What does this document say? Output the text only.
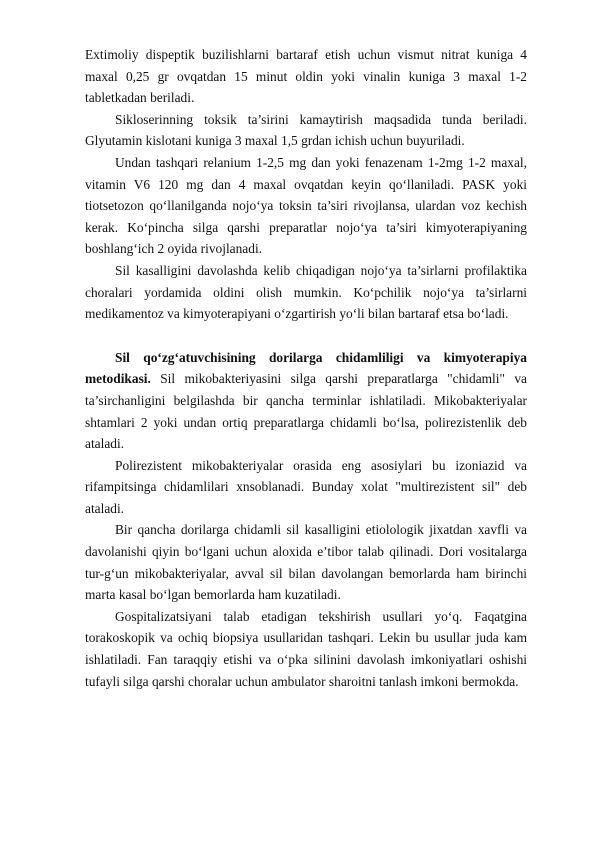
Extimoliy dispeptik buzilishlarni bartaraf etish uchun vismut nitrat kuniga 4 maxal 0,25 gr ovqatdan 15 minut oldin yoki vinalin kuniga 3 maxal 1-2 tabletkadan beriladi.

Sikloserinning toksik ta’sirini kamaytirish maqsadida tunda beriladi. Glyutamin kislotani kuniga 3 maxal 1,5 grdan ichish uchun buyuriladi.

Undan tashqari relanium 1-2,5 mg dan yoki fenazenam 1-2mg 1-2 maxal, vitamin V6 120 mg dan 4 maxal ovqatdan keyin qo‘llaniladi. PASK yoki tiotsetozon qo‘llanilganda nojo‘ya toksin ta’siri rivojlansa, ulardan voz kechish kerak. Ko‘pincha silga qarshi preparatlar nojo‘ya ta’siri kimyoterapiyaning boshlang‘ich 2 oyida rivojlanadi.

Sil kasalligini davolashda kelib chiqadigan nojo‘ya ta’sirlarni profilaktika choralari yordamida oldini olish mumkin. Ko‘pchilik nojo‘ya ta’sirlarni medikamentoz va kimyoterapiyani o‘zgartirish yo‘li bilan bartaraf etsa bo‘ladi.

Sil qo‘zg‘atuvchisining dorilarga chidamliligi va kimyoterapiya metodikasi. Sil mikobakteriyasini silga qarshi preparatlarga "chidamli" va ta’sirchanligini belgilashda bir qancha terminlar ishlatiladi. Mikobakteriyalar shtamlari 2 yoki undan ortiq preparatlarga chidamli bo‘lsa, polirezistenlik deb ataladi.

Polirezistent mikobakteriyalar orasida eng asosiylari bu izoniazid va rifampitsinga chidamlilari xnsoblanadi. Bunday xolat "multirezistent sil" deb ataladi.

Bir qancha dorilarga chidamli sil kasalligini etiolologik jixatdan xavfli va davolanishi qiyin bo‘lgani uchun aloxida e’tibor talab qilinadi. Dori vositalarga tur-g‘un mikobakteriyalar, avval sil bilan davolangan bemorlarda ham birinchi marta kasal bo‘lgan bemorlarda ham kuzatiladi.

Gospitalizatsiyani talab etadigan tekshirish usullari yo‘q. Faqatgina torakoskopik va ochiq biopsiya usullaridan tashqari. Lekin bu usullar juda kam ishlatiladi. Fan taraqqiy etishi va o‘pka silinini davolash imkoniyatlari oshishi tufayli silga qarshi choralar uchun ambulator sharoitni tanlash imkoni bermokda.
